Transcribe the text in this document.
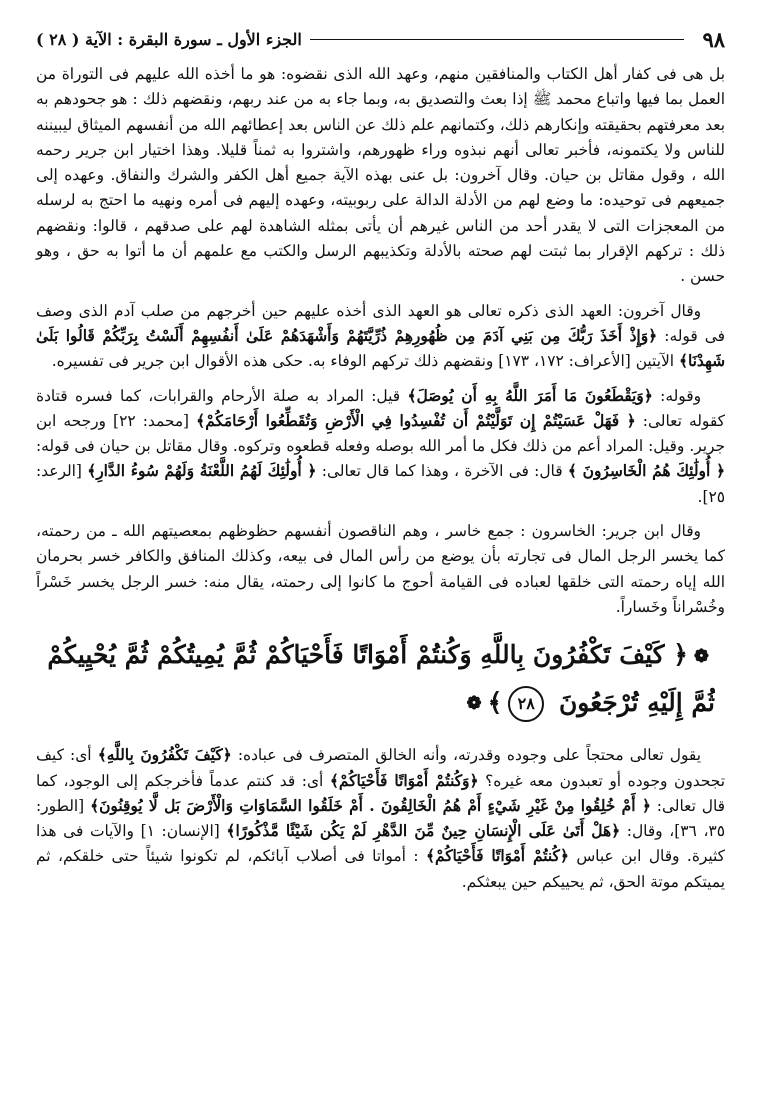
٩٨
الجزء الأول ـ سورة البقرة : الآية ( ٢٨ )

بل هى فى كفار أهل الكتاب والمنافقين منهم، وعهد الله الذى نقضوه: هو ما أخذه الله عليهم فى التوراة من العمل بما فيها واتباع محمد ﷺ إذا بعث والتصديق به، وبما جاء به من عند ربهم، ونقضهم ذلك : هو جحودهم به بعد معرفتهم بحقيقته وإنكارهم ذلك، وكتمانهم علم ذلك عن الناس بعد إعطائهم الله من أنفسهم الميثاق ليبيننه للناس ولا يكتمونه، فأخبر تعالى أنهم نبذوه وراء ظهورهم، واشتروا به ثمناً قليلا. وهذا اختيار ابن جرير رحمه الله ، وقول مقاتل بن حيان. وقال آخرون: بل عنى بهذه الآية جميع أهل الكفر والشرك والنفاق. وعهده إلى جميعهم فى توحيده: ما وضع لهم من الأدلة الدالة على ربوبيته، وعهده إليهم فى أمره ونهيه ما احتج به لرسله من المعجزات التى لا يقدر أحد من الناس غيرهم أن يأتى بمثله الشاهدة لهم على صدقهم ، قالوا: ونقضهم ذلك : تركهم الإقرار بما ثبتت لهم صحته بالأدلة وتكذيبهم الرسل والكتب مع علمهم أن ما أتوا به حق ، وهو حسن .

وقال آخرون: العهد الذى ذكره تعالى هو العهد الذى أخذه عليهم حين أخرجهم من صلب آدم الذى وصف فى قوله: ﴿وَإِذْ أَخَذَ رَبُّكَ مِن بَنِي آدَمَ مِن ظُهُورِهِمْ ذُرِّيَّتَهُمْ وَأَشْهَدَهُمْ عَلَىٰ أَنفُسِهِمْ أَلَسْتُ بِرَبِّكُمْ قَالُوا بَلَىٰ شَهِدْنَا﴾ الآيتين [الأعراف: ١٧٢، ١٧٣] ونقضهم ذلك تركهم الوفاء به. حكى هذه الأقوال ابن جرير فى تفسيره.

وقوله: ﴿وَيَقْطَعُونَ مَا أَمَرَ اللَّهُ بِهِ أَن يُوصَلَ﴾ قيل: المراد به صلة الأرحام والقرابات، كما فسره قتادة كقوله تعالى: ﴿ فَهَلْ عَسَيْتُمْ إِن تَوَلَّيْتُمْ أَن تُفْسِدُوا فِي الْأَرْضِ وَتُقَطِّعُوا أَرْحَامَكُمْ﴾ [محمد: ٢٢] ورجحه ابن جرير. وقيل: المراد أعم من ذلك فكل ما أمر الله بوصله وفعله قطعوه وتركوه. وقال مقاتل بن حيان فى قوله: ﴿ أُولَٰئِكَ هُمُ الْخَاسِرُونَ ﴾ قال: فى الآخرة ، وهذا كما قال تعالى: ﴿ أُولَٰئِكَ لَهُمُ اللَّعْنَةُ وَلَهُمْ سُوءُ الدَّارِ﴾ [الرعد: ٢٥].

وقال ابن جرير: الخاسرون : جمع خاسر ، وهم الناقصون أنفسهم حظوظهم بمعصيتهم الله ـ من رحمته، كما يخسر الرجل المال فى تجارته بأن يوضع من رأس المال فى بيعه، وكذلك المنافق والكافر خسر بحرمان الله إياه رحمته التى خلقها لعباده فى القيامة أحوج ما كانوا إلى رحمته، يقال منه: خسر الرجل يخسر خَسْراً وخُسْراناً وخَساراً.

❁﴿ كَيْفَ تَكْفُرُونَ بِاللَّهِ وَكُنتُمْ أَمْوَاتًا فَأَحْيَاكُمْ ثُمَّ يُمِيتُكُمْ ثُمَّ يُحْيِيكُمْ
ثُمَّ إِلَيْهِ تُرْجَعُونَ ٢٨﴾❁

يقول تعالى محتجاً على وجوده وقدرته، وأنه الخالق المتصرف فى عباده: ﴿كَيْفَ تَكْفُرُونَ بِاللَّهِ﴾ أى: كيف تجحدون وجوده أو تعبدون معه غيره؟ ﴿وَكُنتُمْ أَمْوَاتًا فَأَحْيَاكُمْ﴾ أى: قد كنتم عدماً فأخرجكم إلى الوجود، كما قال تعالى: ﴿ أَمْ خُلِقُوا مِنْ غَيْرِ شَيْءٍ أَمْ هُمُ الْخَالِقُونَ . أَمْ خَلَقُوا السَّمَاوَاتِ وَالْأَرْضَ بَل لَّا يُوقِنُونَ﴾ [الطور: ٣٥، ٣٦]، وقال: ﴿هَلْ أَتَىٰ عَلَى الْإِنسَانِ حِينٌ مِّنَ الدَّهْرِ لَمْ يَكُن شَيْئًا مَّذْكُورًا﴾ [الإنسان: ١] والآيات فى هذا كثيرة. وقال ابن عباس ﴿كُنتُمْ أَمْوَاتًا فَأَحْيَاكُمْ﴾ : أمواتا فى أصلاب آبائكم، لم تكونوا شيئاً حتى خلقكم، ثم يميتكم موتة الحق، ثم يحييكم حين يبعثكم.
